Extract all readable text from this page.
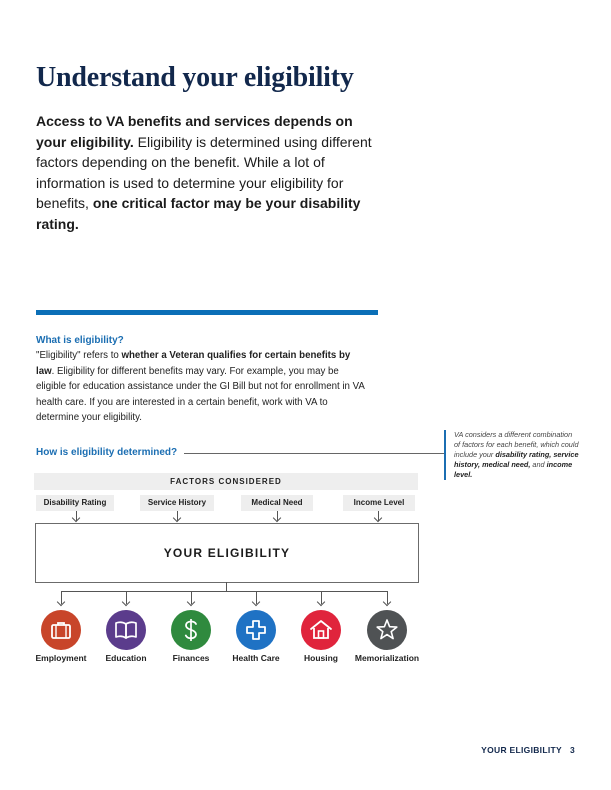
Understand your eligibility

Access to VA benefits and services depends on your eligibility. Eligibility is determined using different factors depending on the benefit. While a lot of information is used to determine your eligibility for benefits, one critical factor may be your disability rating.

What is eligibility?

"Eligibility" refers to whether a Veteran qualifies for certain benefits by law. Eligibility for different benefits may vary. For example, you may be eligible for education assistance under the GI Bill but not for enrollment in VA health care. If you are interested in a certain benefit, work with VA to determine your eligibility.

How is eligibility determined?
VA considers a different combination of factors for each benefit, which could include your disability rating, service history, medical need, and income level.
FACTORS CONSIDERED
Disability Rating	Service History	Medical Need	Income Level
YOUR ELIGIBILITY
Employment	Education	Finances	Health Care	Housing	Memorialization
YOUR ELIGIBILITY 3
